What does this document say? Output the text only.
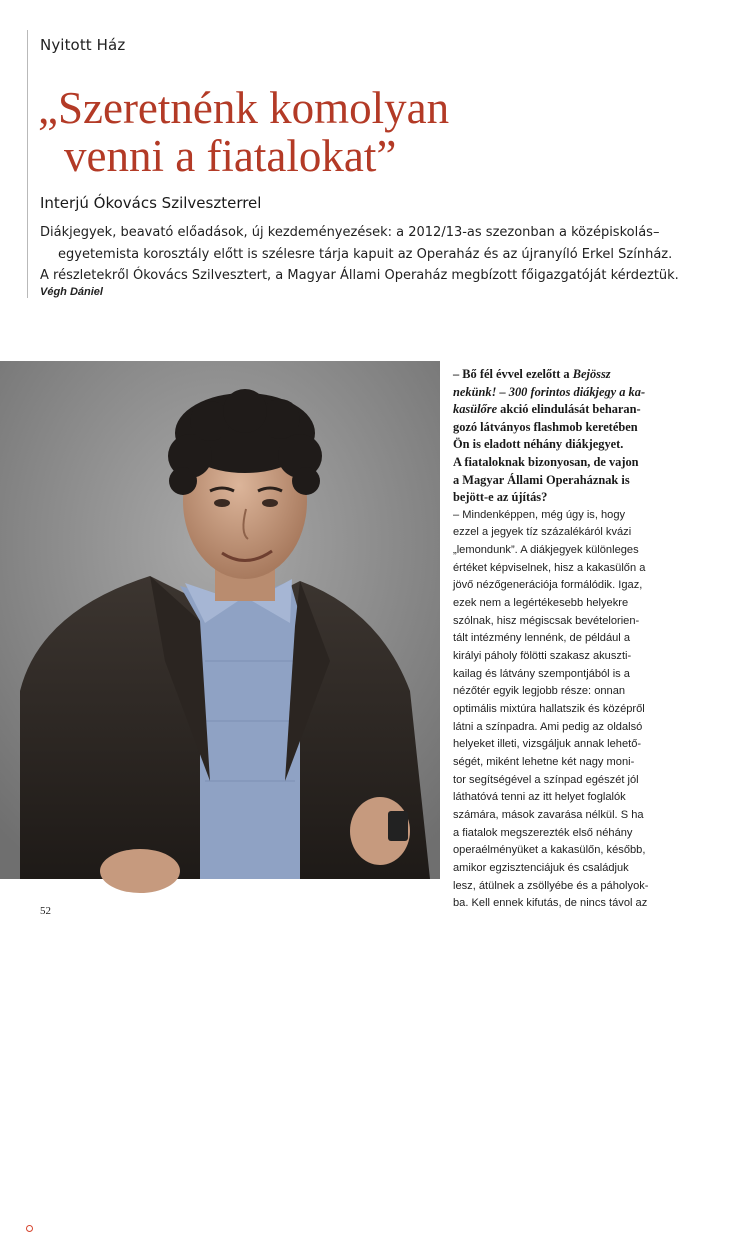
Nyitott Ház
„Szeretnénk komolyan
venni a fiatalokat”
Interjú Ókovács Szilveszterrel

Diákjegyek, beavató előadások, új kezdeményezések: a 2012/13-as szezonban a középiskolás–

egyetemista korosztály előtt is szélesre tárja kapuit az Operaház és az újranyíló Erkel Színház.

A részletekről Ókovács Szilvesztert, a Magyar Állami Operaház megbízott főigazgatóját kérdeztük.

Végh Dániel
ÓKOVÁCS SZILVESZTER
– Bő fél évvel ezelőtt a Bejössz
nekünk! – 300 forintos diákjegy a ka-
kasülőre akció elindulását beharan-
gozó látványos flashmob keretében
Ön is eladott néhány diákjegyet.
A fiataloknak bizonyosan, de vajon
a Magyar Állami Operaháznak is
bejött-e az újítás?
– Mindenképpen, még úgy is, hogy
ezzel a jegyek tíz százalékáról kvázi
„lemondunk”. A diákjegyek különleges
értéket képviselnek, hisz a kakasülőn a
jövő nézőgenerációja formálódik. Igaz,
ezek nem a legértékesebb helyekre
szólnak, hisz mégiscsak bevételorien-
tált intézmény lennénk, de például a
királyi páholy fölötti szakasz akuszti-
kailag és látvány szempontjából is a
nézőtér egyik legjobb része: onnan
optimális mixtúra hallatszik és középről
látni a színpadra. Ami pedig az oldalsó
helyeket illeti, vizsgáljuk annak lehető-
ségét, miként lehetne két nagy moni-
tor segítségével a színpad egészét jól
láthatóvá tenni az itt helyet foglalók
számára, mások zavarása nélkül. S ha
a fiatalok megszerezték első néhány
operaélményüket a kakasülőn, később,
amikor egzisztenciájuk és családjuk
lesz, átülnek a zsöllyébe és a páholyok-
ba. Kell ennek kifutás, de nincs távol az
52
